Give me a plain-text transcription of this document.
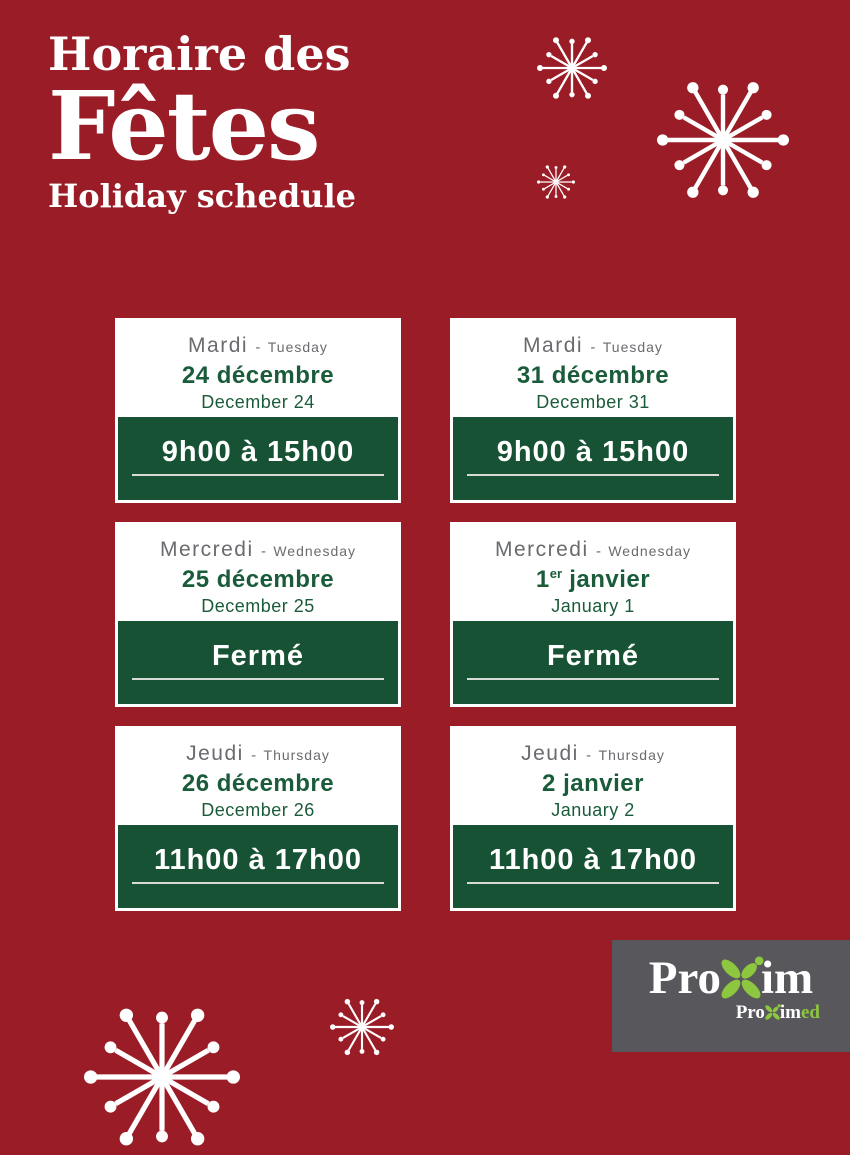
Horaire des
Fêtes
Holiday schedule
Mardi - Tuesday
24 décembre
December 24
9h00 à 15h00
Mardi - Tuesday
31 décembre
December 31
9h00 à 15h00
Mercredi - Wednesday
25 décembre
December 25
Fermé
Mercredi - Wednesday
1er janvier
January 1
Fermé
Jeudi - Thursday
26 décembre
December 26
11h00 à 17h00
Jeudi - Thursday
2 janvier
January 2
11h00 à 17h00
Pro im
Pro im ed
